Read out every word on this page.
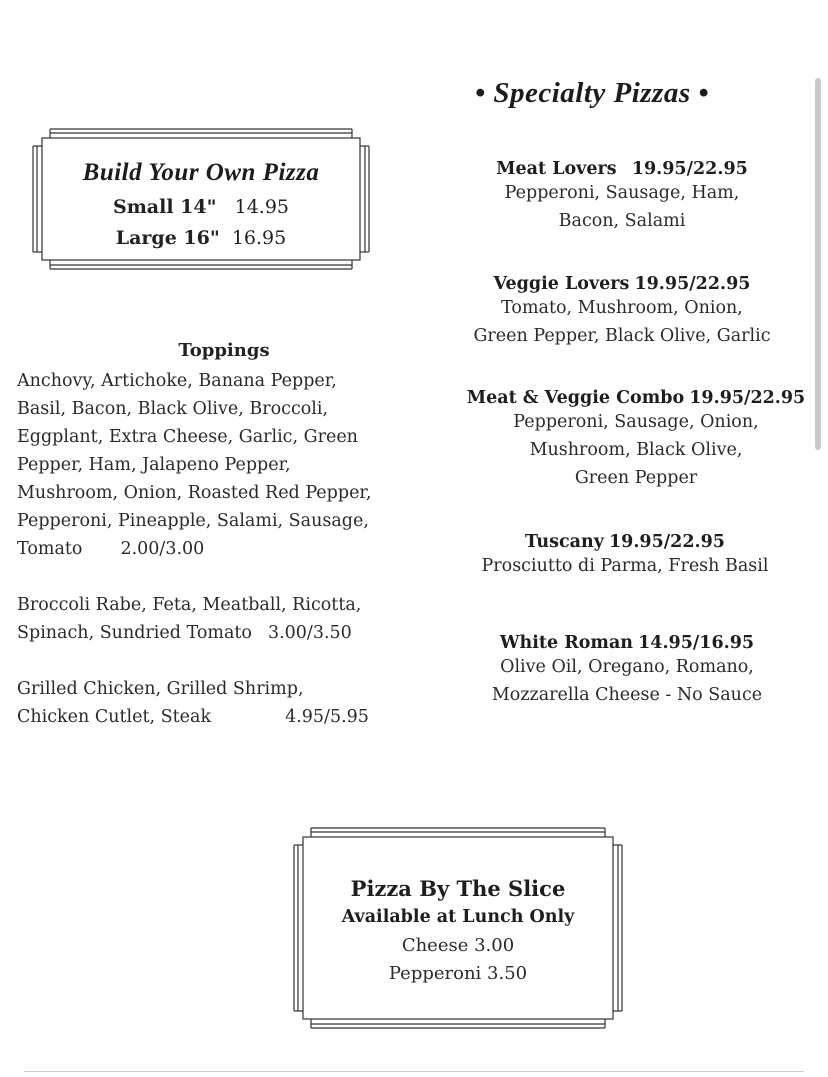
Build Your Own Pizza
Small 14" 14.95
Large 16" 16.95
Toppings
Anchovy, Artichoke, Banana Pepper,
Basil, Bacon, Black Olive, Broccoli,
Eggplant, Extra Cheese, Garlic, Green
Pepper, Ham, Jalapeno Pepper,
Mushroom, Onion, Roasted Red Pepper,
Pepperoni, Pineapple, Salami, Sausage,
Tomato 2.00/3.00
Broccoli Rabe, Feta, Meatball, Ricotta,
Spinach, Sundried Tomato 3.00/3.50
Grilled Chicken, Grilled Shrimp,
Chicken Cutlet, Steak	4.95/5.95
• Specialty Pizzas •
Meat Lovers 19.95/22.95
Pepperoni, Sausage, Ham,
Bacon, Salami
Veggie Lovers 19.95/22.95
Tomato, Mushroom, Onion,
Green Pepper, Black Olive, Garlic
Meat & Veggie Combo 19.95/22.95
Pepperoni, Sausage, Onion,
Mushroom, Black Olive,
Green Pepper
Tuscany 19.95/22.95
Prosciutto di Parma, Fresh Basil
White Roman 14.95/16.95
Olive Oil, Oregano, Romano,
Mozzarella Cheese - No Sauce
Pizza By The Slice
Available at Lunch Only
Cheese 3.00
Pepperoni 3.50
